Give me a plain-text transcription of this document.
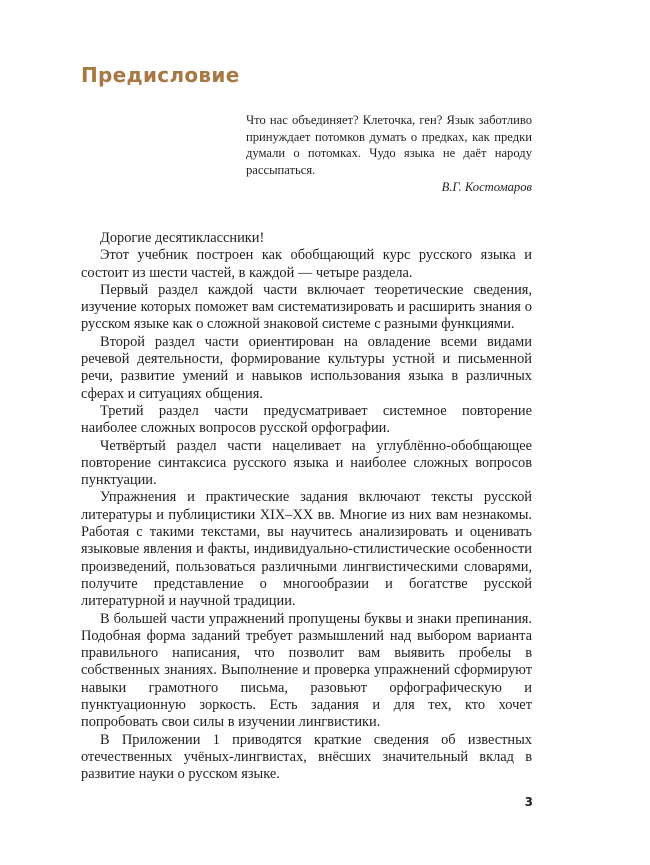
Предисловие

Что нас объединяет? Клеточка, ген? Язык заботливо принуждает потомков думать о предках, как предки думали о потомках. Чудо языка не даёт народу рассыпаться.

В.Г. Костомаров

Дорогие десятиклассники!

Этот учебник построен как обобщающий курс русского языка и состоит из шести частей, в каждой — четыре раздела.

Первый раздел каждой части включает теоретические сведения, изучение которых поможет вам систематизировать и расширить знания о русском языке как о сложной знаковой системе с разными функциями.

Второй раздел части ориентирован на овладение всеми видами речевой деятельности, формирование культуры устной и письменной речи, развитие умений и навыков использования языка в различных сферах и ситуациях общения.

Третий раздел части предусматривает системное повторение наиболее сложных вопросов русской орфографии.

Четвёртый раздел части нацеливает на углублённо-обобщающее повторение синтаксиса русского языка и наиболее сложных вопросов пунктуации.

Упражнения и практические задания включают тексты русской литературы и публицистики XIX–XX вв. Многие из них вам незнакомы. Работая с такими текстами, вы научитесь анализировать и оценивать языковые явления и факты, индивидуально-стилистические особенности произведений, пользоваться различными лингвистическими словарями, получите представление о многообразии и богатстве русской литературной и научной традиции.

В большей части упражнений пропущены буквы и знаки препинания. Подобная форма заданий требует размышлений над выбором варианта правильного написания, что позволит вам выявить пробелы в собственных знаниях. Выполнение и проверка упражнений сформируют навыки грамотного письма, разовьют орфографическую и пунктуационную зоркость. Есть задания и для тех, кто хочет попробовать свои силы в изучении лингвистики.

В Приложении 1 приводятся краткие сведения об известных отечественных учёных-лингвистах, внёсших значительный вклад в развитие науки о русском языке.

3
